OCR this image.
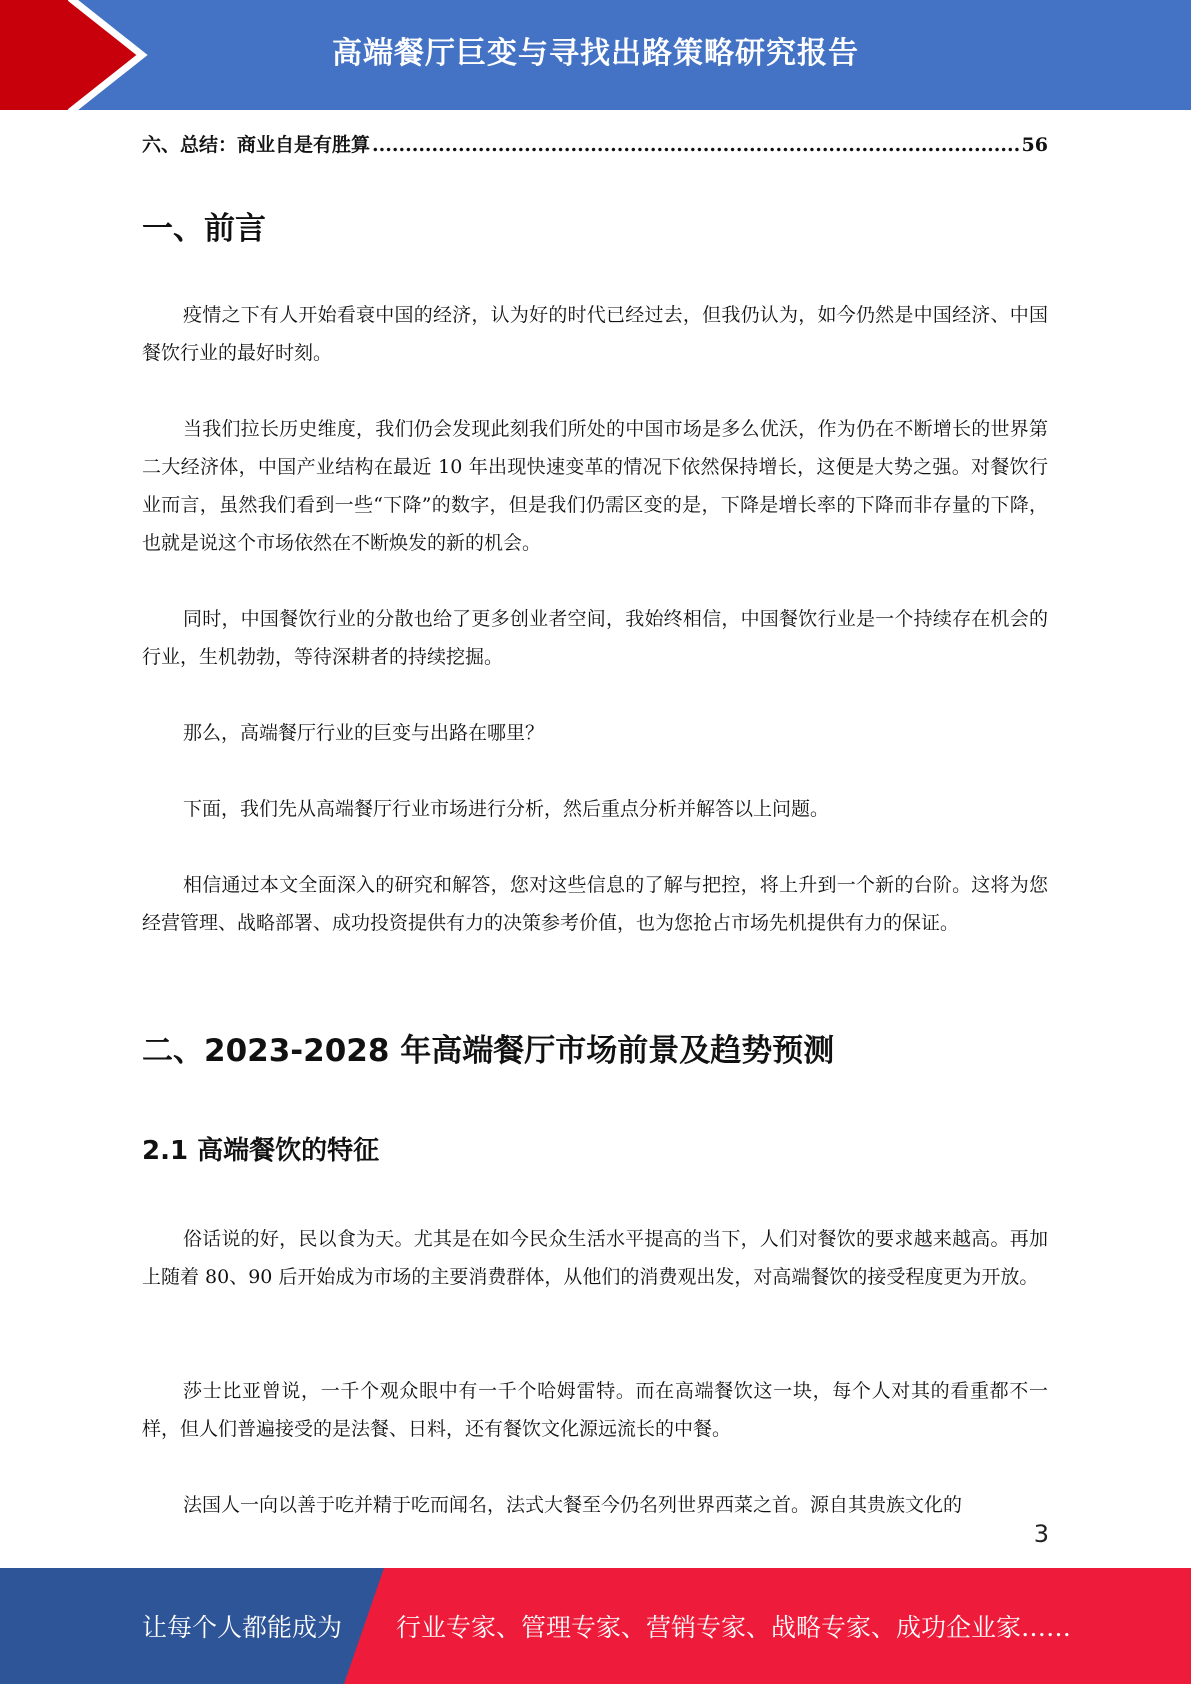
高端餐厅巨变与寻找出路策略研究报告
六、总结：商业自是有胜算
.....	56
一、前言

疫情之下有人开始看衰中国的经济，认为好的时代已经过去，但我仍认为，如今仍然是中国经济、中国餐饮行业的最好时刻。

当我们拉长历史维度，我们仍会发现此刻我们所处的中国市场是多么优沃，作为仍在不断增长的世界第二大经济体，中国产业结构在最近 10 年出现快速变革的情况下依然保持增长，这便是大势之强。对餐饮行业而言，虽然我们看到一些“下降”的数字，但是我们仍需区变的是，下降是增长率的下降而非存量的下降，也就是说这个市场依然在不断焕发的新的机会。

同时，中国餐饮行业的分散也给了更多创业者空间，我始终相信，中国餐饮行业是一个持续存在机会的行业，生机勃勃，等待深耕者的持续挖掘。

那么，高端餐厅行业的巨变与出路在哪里？

下面，我们先从高端餐厅行业市场进行分析，然后重点分析并解答以上问题。

相信通过本文全面深入的研究和解答，您对这些信息的了解与把控，将上升到一个新的台阶。这将为您经营管理、战略部署、成功投资提供有力的决策参考价值，也为您抢占市场先机提供有力的保证。

二、2023-2028 年高端餐厅市场前景及趋势预测
2.1 高端餐饮的特征

俗话说的好，民以食为天。尤其是在如今民众生活水平提高的当下，人们对餐饮的要求越来越高。再加上随着 80、90 后开始成为市场的主要消费群体，从他们的消费观出发，对高端餐饮的接受程度更为开放。

莎士比亚曾说，一千个观众眼中有一千个哈姆雷特。而在高端餐饮这一块，每个人对其的看重都不一样，但人们普遍接受的是法餐、日料，还有餐饮文化源远流长的中餐。

法国人一向以善于吃并精于吃而闻名，法式大餐至今仍名列世界西菜之首。源自其贵族文化的

3
让每个人都能成为 行业专家、管理专家、营销专家、战略专家、成功企业家……
